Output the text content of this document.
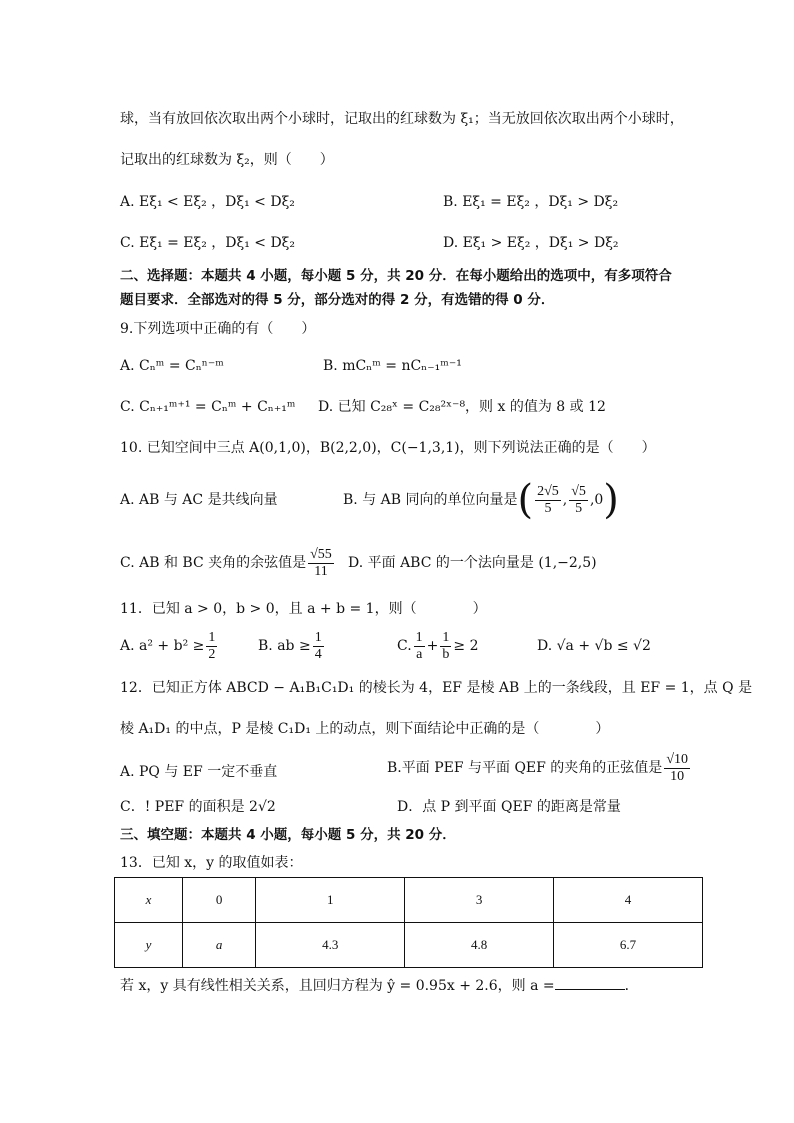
球，当有放回依次取出两个小球时，记取出的红球数为 ξ₁；当无放回依次取出两个小球时，
记取出的红球数为 ξ₂，则（　　）
A. Eξ₁ < Eξ₂ ，Dξ₁ < Dξ₂	B. Eξ₁ = Eξ₂ ，Dξ₁ > Dξ₂
C. Eξ₁ = Eξ₂ ，Dξ₁ < Dξ₂	D. Eξ₁ > Eξ₂ ，Dξ₁ > Dξ₂
二、选择题：本题共 4 小题，每小题 5 分，共 20 分．在每小题给出的选项中，有多项符合
题目要求．全部选对的得 5 分，部分选对的得 2 分，有选错的得 0 分．
9.下列选项中正确的有（　　）
A. Cₙᵐ = Cₙⁿ⁻ᵐ	B. mCₙᵐ = nCₙ₋₁ᵐ⁻¹
C. Cₙ₊₁ᵐ⁺¹ = Cₙᵐ + Cₙ₊₁ᵐ D. 已知 C₂₈ˣ = C₂₈²ˣ⁻⁸，则 x 的值为 8 或 12
10. 已知空间中三点 A(0,1,0)，B(2,2,0)，C(−1,3,1)，则下列说法正确的是（　　）
A. AB 与 AC 是共线向量	B. 与 AB 同向的单位向量是( $\frac{2√5}{5}$ , $\frac{√5}{5} ,0$)
C. AB 和 BC 夹角的余弦值是 $\frac{√55}{11} D$. 平面 ABC 的一个法向量是 (1,−2,5)
11．已知 a > 0，b > 0，且 a + b = 1，则（　　　　）
A. $a^2 + b^2 \ge \frac{1}{2}$	B. ab ≥ $\frac{1}{4}$	C. $\frac{1}{a} + \frac{1}{b} \ge 2$	D. √a + √b ≤ √2
12．已知正方体 ABCD − A₁B₁C₁D₁ 的棱长为 4，EF 是棱 AB 上的一条线段，且 EF = 1，点 Q 是
棱 A₁D₁ 的中点，P 是棱 C₁D₁ 上的动点，则下面结论中正确的是（　　　　）
A. PQ 与 EF 一定不垂直	B.平面 PEF 与平面 QEF 的夹角的正弦值是 $\frac{√10}{10}$
C．! PEF 的面积是 2√2	D．点 P 到平面 QEF 的距离是常量
三、填空题：本题共 4 小题，每小题 5 分，共 20 分．
13．已知 x，y 的取值如表：
x	0	1	3	4
y	a	4.3	4.8	6.7
若 x，y 具有线性相关关系，且回归方程为 ŷ = 0.95x + 2.6，则 a =	．
